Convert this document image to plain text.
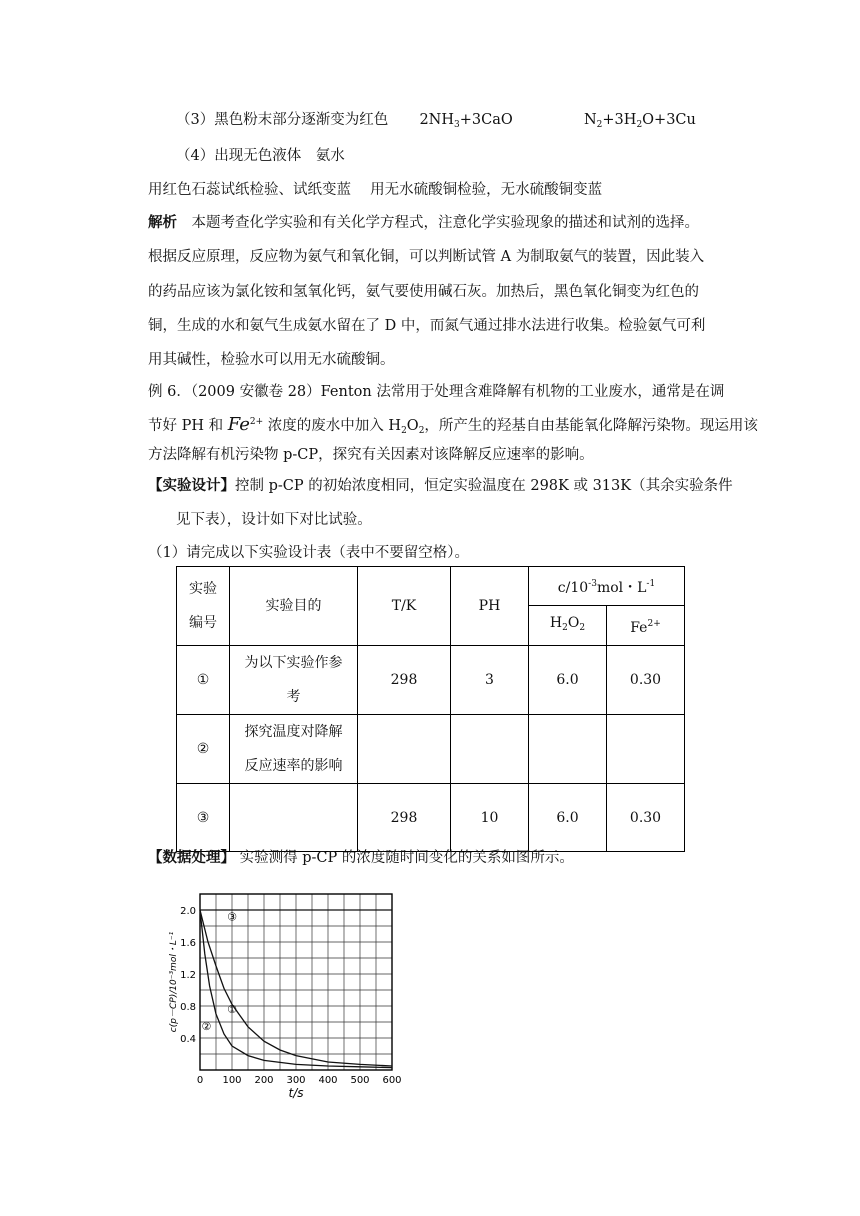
（3）黑色粉末部分逐渐变为红色 $2NH_3+3CaO$	$N_2+3H_2O+3Cu$
（4）出现无色液体　氨水
用红色石蕊试纸检验、试纸变蓝　 用无水硫酸铜检验，无水硫酸铜变蓝
解析　本题考查化学实验和有关化学方程式，注意化学实验现象的描述和试剂的选择。
根据反应原理，反应物为氨气和氧化铜，可以判断试管 A 为制取氨气的装置，因此装入
的药品应该为氯化铵和氢氧化钙，氨气要使用碱石灰。加热后，黑色氧化铜变为红色的
铜，生成的水和氨气生成氨水留在了 D 中，而氮气通过排水法进行收集。检验氨气可利
用其碱性，检验水可以用无水硫酸铜。
例 6．（2009 安徽卷 28）Fenton 法常用于处理含难降解有机物的工业废水，通常是在调
节好 PH 和 $Fe^{2+}$ 浓度的废水中加入 $H_2O_2$，所产生的羟基自由基能氧化降解污染物。现运用该
方法降解有机污染物 p-CP，探究有关因素对该降解反应速率的影响。
【实验设计】控制 p-CP 的初始浓度相同，恒定实验温度在 298K 或 313K（其余实验条件
见下表），设计如下对比试验。
（1）请完成以下实验设计表（表中不要留空格）。
实验
编号	实验目的	T/K	PH	$c/10^{-3}mol$・$L^{-1}$
				$H_2O_2$	$Fe^{2+}$
①	为以下实验作参
考	298	3	6.0	0.30
②	探究温度对降解
反应速率的影响				

③		298	10	6.0	0.30
【数据处理】 实验测得 p-CP 的浓度随时间变化的关系如图所示。
0 100 200 300 400 500 600
0.4
0.8
1.2
1.6
2.0
t/s
c(p－CP)/10⁻³mol・L⁻¹	①
②
③
